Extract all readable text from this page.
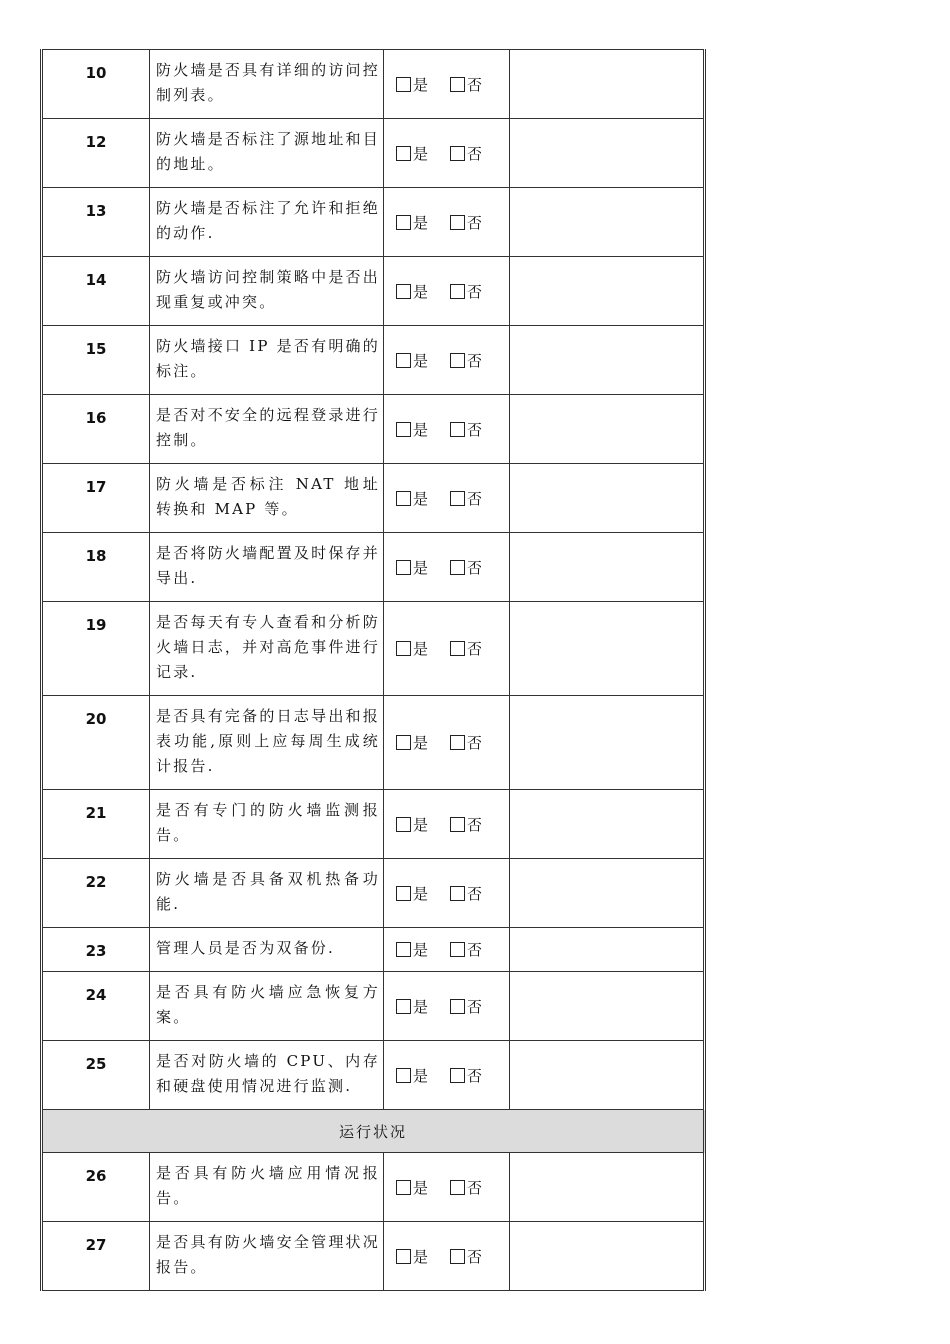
10	防火墙是否具有详细的访问控制列表。	是 否	
12	防火墙是否标注了源地址和目的地址。	是 否	
13	防火墙是否标注了允许和拒绝的动作.	是 否	
14	防火墙访问控制策略中是否出现重复或冲突。	是 否	
15	防火墙接口 IP 是否有明确的标注。	是 否	
16	是否对不安全的远程登录进行控制。	是 否	
17	防火墙是否标注 NAT 地址转换和 MAP 等。	是 否	
18	是否将防火墙配置及时保存并导出.	是 否	
19	是否每天有专人查看和分析防火墙日志，并对高危事件进行记录.	是 否	
20	是否具有完备的日志导出和报表功能,原则上应每周生成统计报告.	是 否	
21	是否有专门的防火墙监测报告。	是 否	
22	防火墙是否具备双机热备功能.	是 否	
23	管理人员是否为双备份.	是 否	
24	是否具有防火墙应急恢复方案。	是 否	
25	是否对防火墙的 CPU、内存和硬盘使用情况进行监测.	是 否	
运行状况			
26	是否具有防火墙应用情况报告。	是 否	
27	是否具有防火墙安全管理状况报告。	是 否	
